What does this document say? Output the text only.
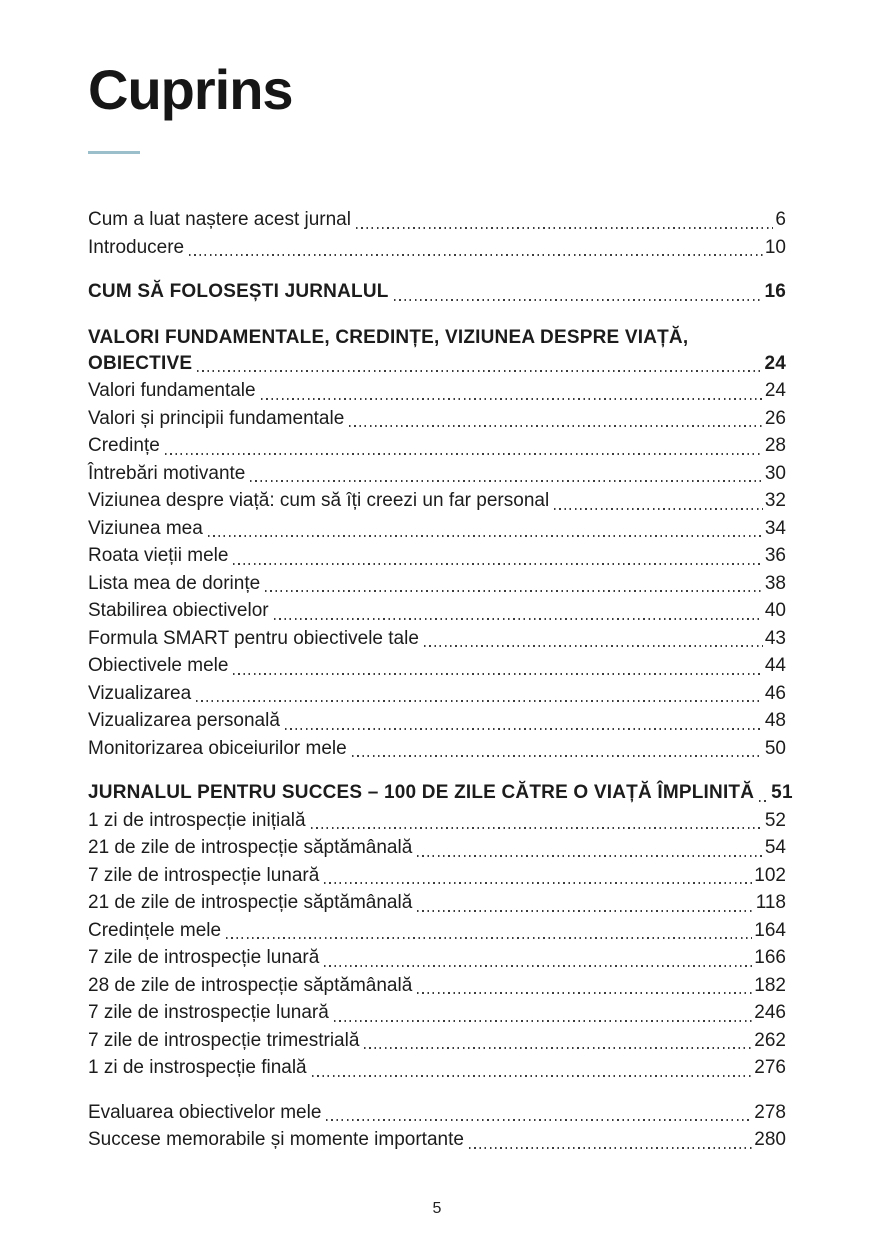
Cuprins
Cum a luat naștere acest jurnal	6
Introducere	10
CUM SĂ FOLOSEȘTI JURNALUL	16
VALORI FUNDAMENTALE, CREDINȚE, VIZIUNEA DESPRE VIAȚĂ,
OBIECTIVE	24
Valori fundamentale	24
Valori și principii fundamentale	26
Credințe	28
Întrebări motivante	30
Viziunea despre viață: cum să îți creezi un far personal	32
Viziunea mea	34
Roata vieții mele	36
Lista mea de dorințe	38
Stabilirea obiectivelor	40
Formula SMART pentru obiectivele tale	43
Obiectivele mele	44
Vizualizarea	46
Vizualizarea personală	48
Monitorizarea obiceiurilor mele	50
JURNALUL PENTRU SUCCES – 100 DE ZILE CĂTRE O VIAȚĂ ÎMPLINITĂ 51
1 zi de introspecție inițială	52
21 de zile de introspecție săptămânală	54
7 zile de introspecție lunară	102
21 de zile de introspecție săptămânală	118
Credințele mele	164
7 zile de introspecție lunară	166
28 de zile de introspecție săptămânală	182
7 zile de instrospecție lunară	246
7 zile de introspecție trimestrială	262
1 zi de instrospecție finală	276
Evaluarea obiectivelor mele	278
Succese memorabile și momente importante	280
5
